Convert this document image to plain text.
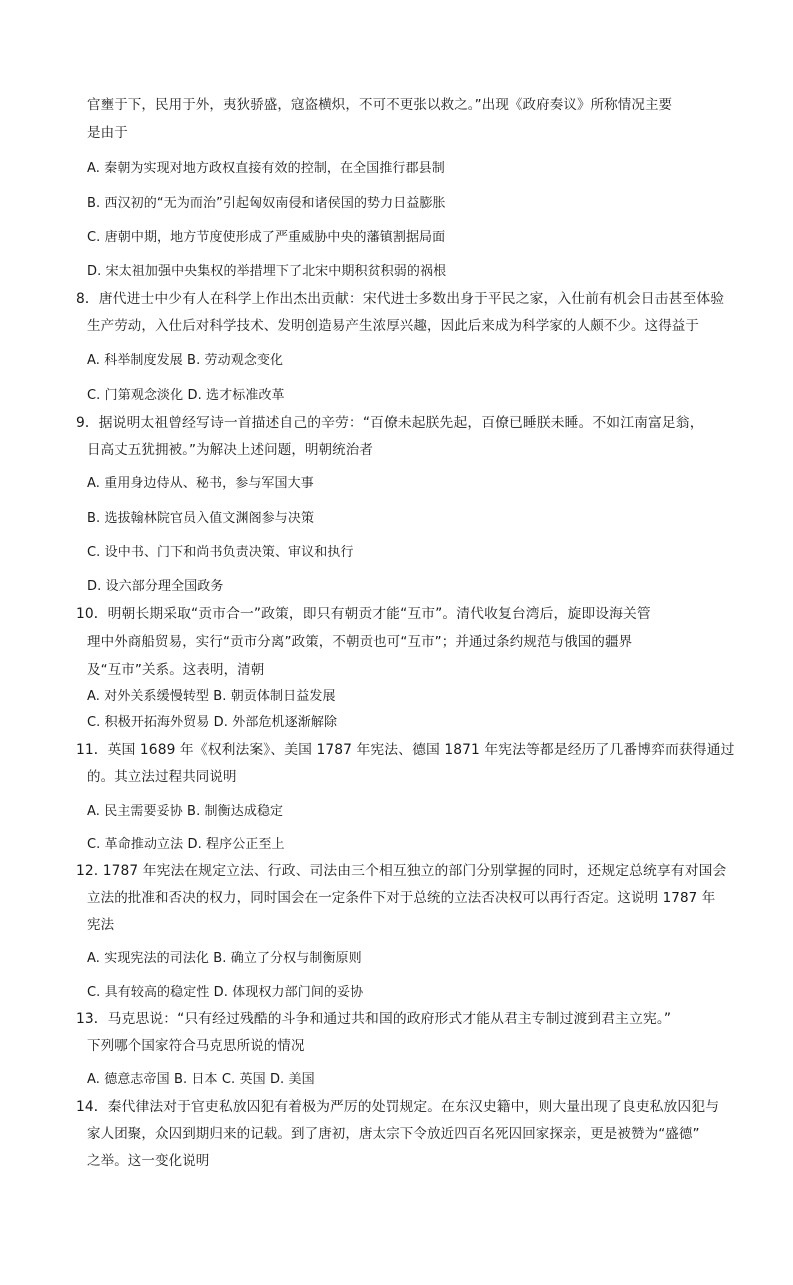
官壅于下，民用于外，夷狄骄盛，寇盗横炽，不可不更张以救之。”出现《政府奏议》所称情况主要
是由于
A. 秦朝为实现对地方政权直接有效的控制，在全国推行郡县制
B. 西汉初的“无为而治”引起匈奴南侵和诸侯国的势力日益膨胀
C. 唐朝中期，地方节度使形成了严重威胁中央的藩镇割据局面
D. 宋太祖加强中央集权的举措埋下了北宋中期积贫积弱的祸根
8．唐代进士中少有人在科学上作出杰出贡献：宋代进士多数出身于平民之家，入仕前有机会日击甚至体验
生产劳动，入仕后对科学技术、发明创造易产生浓厚兴趣，因此后来成为科学家的人颇不少。这得益于
A. 科举制度发展 B. 劳动观念变化
C. 门第观念淡化 D. 选才标准改革
9．据说明太祖曾经写诗一首描述自己的辛劳：“百僚未起朕先起，百僚已睡朕未睡。不如江南富足翁，
日高丈五犹拥被。”为解决上述问题，明朝统治者
A. 重用身边侍从、秘书，参与军国大事
B. 选拔翰林院官员入值文渊阁参与决策
C. 设中书、门下和尚书负责决策、审议和执行
D. 设六部分理全国政务
10．明朝长期采取“贡市合一”政策，即只有朝贡才能“互市”。清代收复台湾后，旋即设海关管
理中外商船贸易，实行“贡市分离”政策，不朝贡也可“互市”；并通过条约规范与俄国的疆界
及“互市”关系。这表明，清朝
A. 对外关系缓慢转型 B. 朝贡体制日益发展
C. 积极开拓海外贸易 D. 外部危机逐渐解除
11．英国 1689 年《权利法案》、美国 1787 年宪法、德国 1871 年宪法等都是经历了几番博弈而获得通过
的。其立法过程共同说明
A. 民主需要妥协 B. 制衡达成稳定
C. 革命推动立法 D. 程序公正至上
12. 1787 年宪法在规定立法、行政、司法由三个相互独立的部门分别掌握的同时，还规定总统享有对国会
立法的批准和否决的权力，同时国会在一定条件下对于总统的立法否决权可以再行否定。这说明 1787 年
宪法
A. 实现宪法的司法化 B. 确立了分权与制衡原则
C. 具有较高的稳定性 D. 体现权力部门间的妥协
13．马克思说：“只有经过残酷的斗争和通过共和国的政府形式才能从君主专制过渡到君主立宪。”
下列哪个国家符合马克思所说的情况
A. 德意志帝国 B. 日本 C. 英国 D. 美国
14．秦代律法对于官吏私放囚犯有着极为严厉的处罚规定。在东汉史籍中，则大量出现了良吏私放囚犯与
家人团聚，众囚到期归来的记载。到了唐初，唐太宗下令放近四百名死囚回家探亲，更是被赞为“盛德”
之举。这一变化说明
